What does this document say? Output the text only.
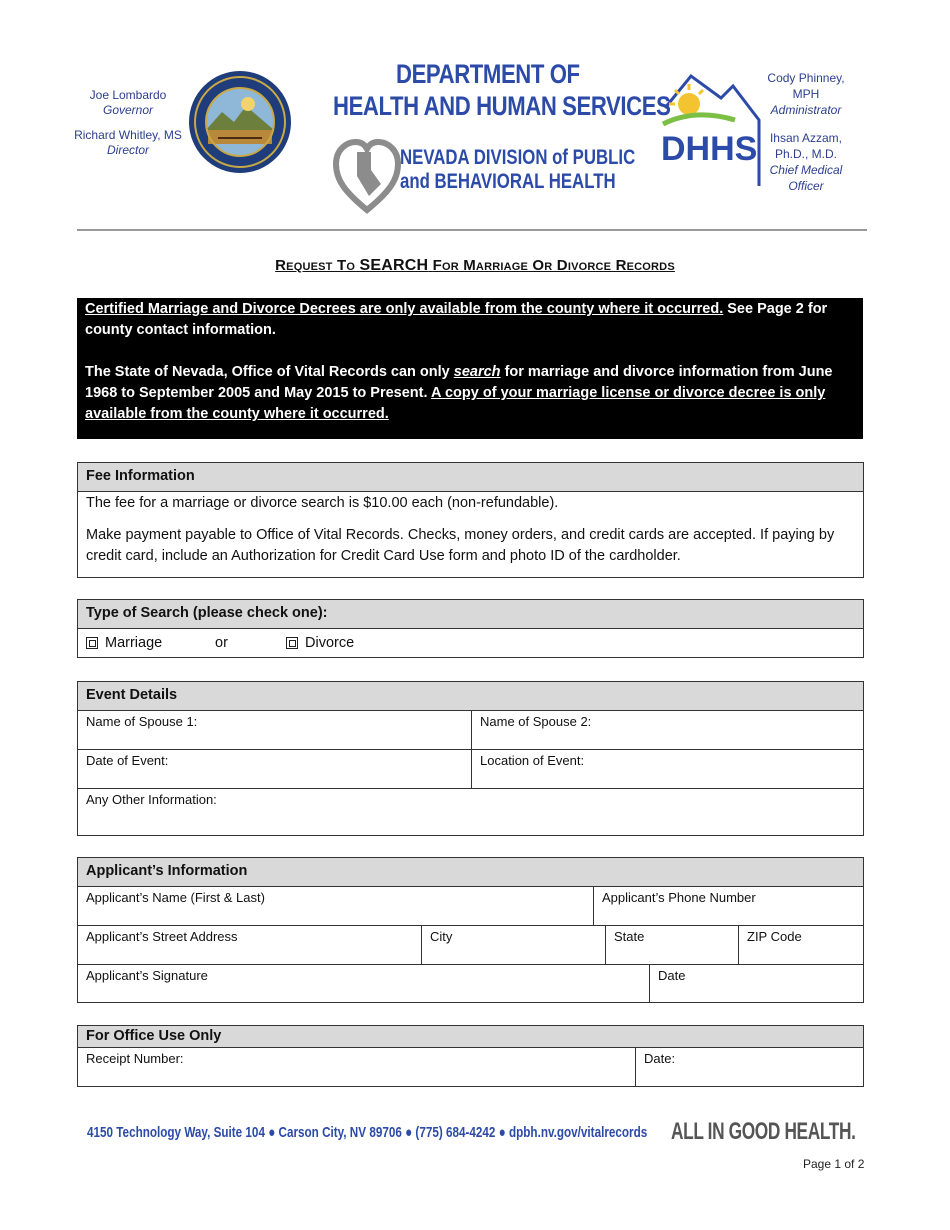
Joe Lombardo
Governor
Richard Whitley, MS
Director
DEPARTMENT OF
HEALTH AND HUMAN SERVICES
NEVADA DIVISION of PUBLIC
and BEHAVIORAL HEALTH
DHHS
Cody Phinney, MPH
Administrator
Ihsan Azzam, Ph.D., M.D.
Chief Medical Officer
Request To SEARCH For Marriage Or Divorce Records

Certified Marriage and Divorce Decrees are only available from the county where it occurred. See Page 2 for county contact information.

The State of Nevada, Office of Vital Records can only search for marriage and divorce information from June 1968 to September 2005 and May 2015 to Present. A copy of your marriage license or divorce decree is only available from the county where it occurred.

Fee Information

The fee for a marriage or divorce search is $10.00 each (non-refundable).

Make payment payable to Office of Vital Records. Checks, money orders, and credit cards are accepted. If paying by credit card, include an Authorization for Credit Card Use form and photo ID of the cardholder.

Type of Search (please check one):
Marriage	or	Divorce
Event Details
Name of Spouse 1:	Name of Spouse 2:
Date of Event:	Location of Event:
Any Other Information:
Applicant’s Information
Applicant’s Name (First & Last)	Applicant’s Phone Number
Applicant’s Street Address	City	State	ZIP Code
Applicant’s Signature	Date
For Office Use Only
Receipt Number:	Date:
4150 Technology Way, Suite 104 ● Carson City, NV 89706 ● (775) 684-4242 ● dpbh.nv.gov/vitalrecords ALL IN GOOD HEALTH.
Page 1 of 2
